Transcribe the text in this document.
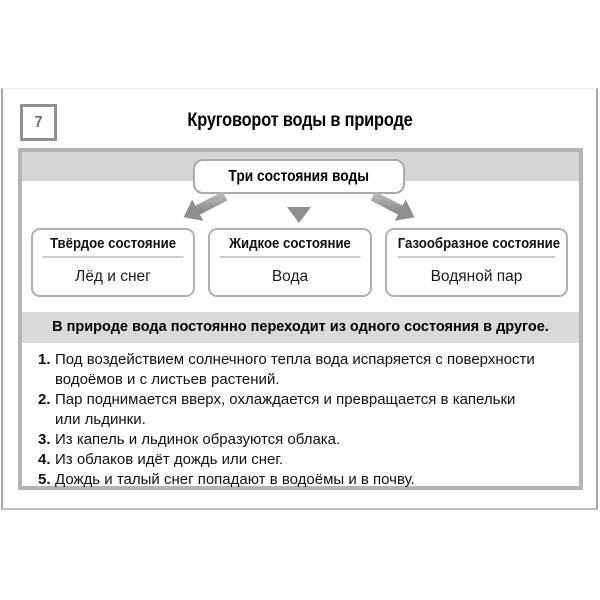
7	Круговорот воды в природе
Три состояния воды
Твёрдое состояние
Лёд и снег
Жидкое состояние
Вода
Газообразное состояние
Водяной пар
В природе вода постоянно переходит из одного состояния в другое.
1. Под воздействием солнечного тепла вода испаряется с поверхности
водоёмов и с листьев растений.
2. Пар поднимается вверх, охлаждается и превращается в капельки
или льдинки.
3. Из капель и льдинок образуются облака.
4. Из облаков идёт дождь или снег.
5. Дождь и талый снег попадают в водоёмы и в почву.
